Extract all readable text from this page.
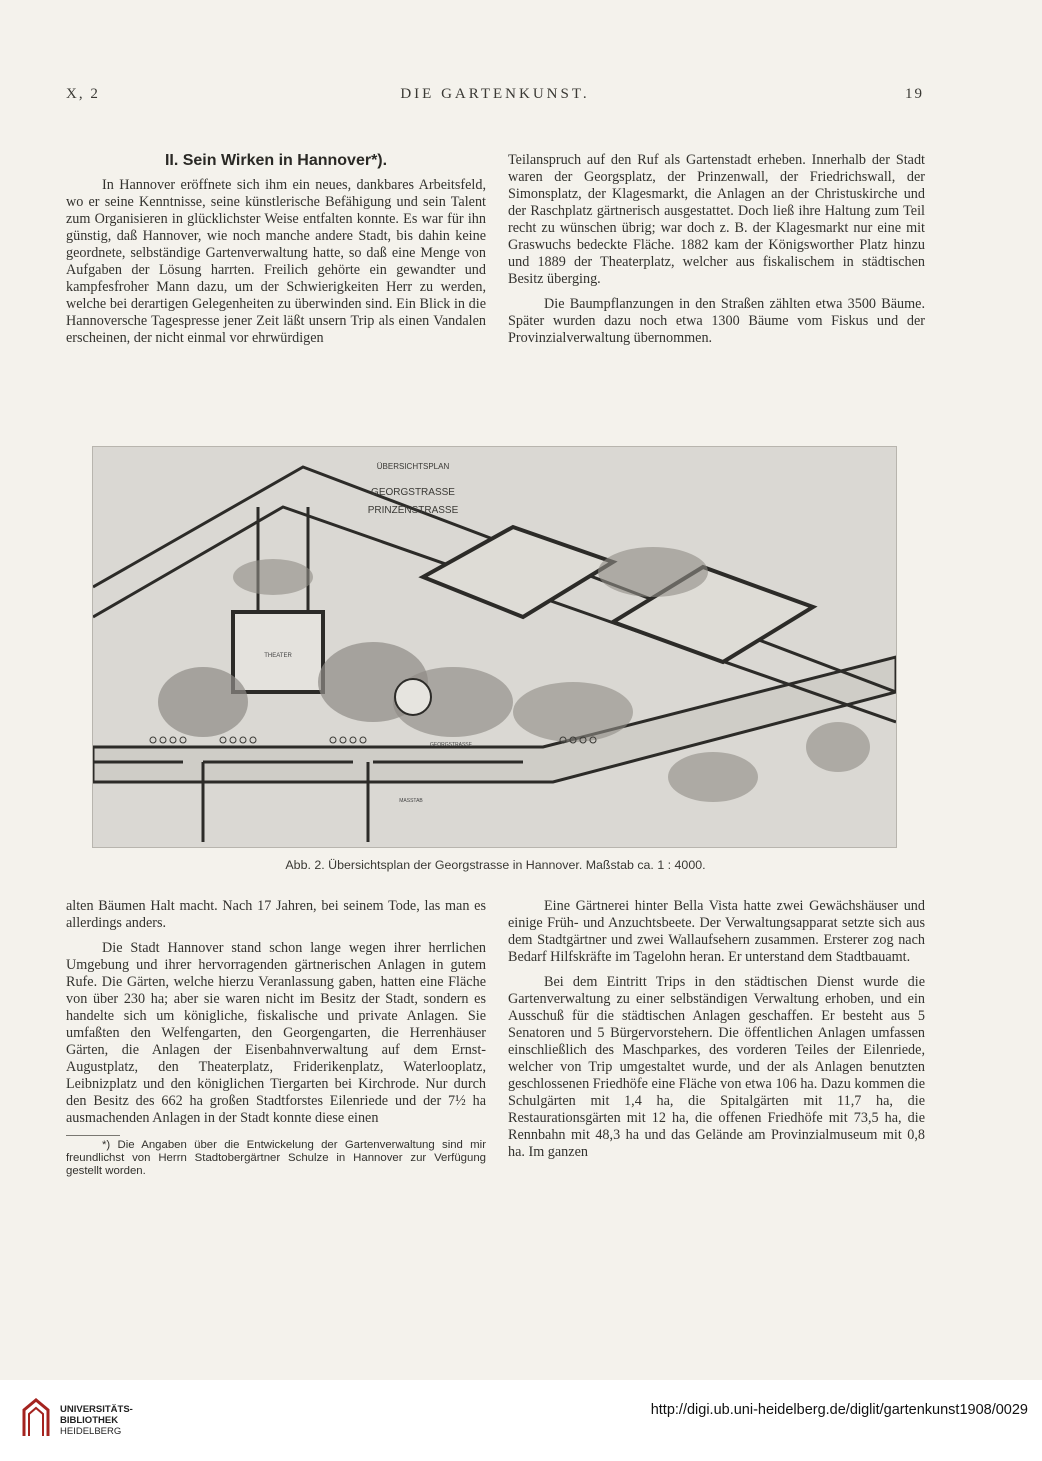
X, 2	DIE GARTENKUNST.	19

II. Sein Wirken in Hannover*).

In Hannover eröffnete sich ihm ein neues, dankbares Arbeitsfeld, wo er seine Kenntnisse, seine künstlerische Befähigung und sein Talent zum Organisieren in glücklichster Weise entfalten konnte. Es war für ihn günstig, daß Hannover, wie noch manche andere Stadt, bis dahin keine geordnete, selbständige Gartenverwaltung hatte, so daß eine Menge von Aufgaben der Lösung harrten. Freilich gehörte ein gewandter und kampfesfroher Mann dazu, um der Schwierigkeiten Herr zu werden, welche bei derartigen Gelegenheiten zu überwinden sind. Ein Blick in die Hannoversche Tagespresse jener Zeit läßt unsern Trip als einen Vandalen erscheinen, der nicht einmal vor ehrwürdigen

Teilanspruch auf den Ruf als Gartenstadt erheben. Innerhalb der Stadt waren der Georgsplatz, der Prinzenwall, der Friedrichswall, der Simonsplatz, der Klagesmarkt, die Anlagen an der Christuskirche und der Raschplatz gärtnerisch ausgestattet. Doch ließ ihre Haltung zum Teil recht zu wünschen übrig; war doch z. B. der Klagesmarkt nur eine mit Graswuchs bedeckte Fläche. 1882 kam der Königsworther Platz hinzu und 1889 der Theaterplatz, welcher aus fiskalischem in städtischen Besitz überging.

Die Baumpflanzungen in den Straßen zählten etwa 3500 Bäume. Später wurden dazu noch etwa 1300 Bäume vom Fiskus und der Provinzialverwaltung übernommen.

THEATER
ÜBERSICHTSPLAN
GEORGSTRASSE
PRINZENSTRASSE
GEORGSTRASSE
MASSTAB
Abb. 2. Übersichtsplan der Georgstrasse in Hannover. Maßstab ca. 1 : 4000.

alten Bäumen Halt macht. Nach 17 Jahren, bei seinem Tode, las man es allerdings anders.

Die Stadt Hannover stand schon lange wegen ihrer herrlichen Umgebung und ihrer hervorragenden gärtnerischen Anlagen in gutem Rufe. Die Gärten, welche hierzu Veranlassung gaben, hatten eine Fläche von über 230 ha; aber sie waren nicht im Besitz der Stadt, sondern es handelte sich um königliche, fiskalische und private Anlagen. Sie umfaßten den Welfengarten, den Georgengarten, die Herrenhäuser Gärten, die Anlagen der Eisenbahnverwaltung auf dem Ernst-Augustplatz, den Theaterplatz, Friderikenplatz, Waterlooplatz, Leibnizplatz und den königlichen Tiergarten bei Kirchrode. Nur durch den Besitz des 662 ha großen Stadtforstes Eilenriede und der 7½ ha ausmachenden Anlagen in der Stadt konnte diese einen

*) Die Angaben über die Entwickelung der Gartenverwaltung sind mir freundlichst von Herrn Stadtobergärtner Schulze in Hannover zur Verfügung gestellt worden.

Eine Gärtnerei hinter Bella Vista hatte zwei Gewächshäuser und einige Früh- und Anzuchtsbeete. Der Verwaltungsapparat setzte sich aus dem Stadtgärtner und zwei Wallaufsehern zusammen. Ersterer zog nach Bedarf Hilfskräfte im Tagelohn heran. Er unterstand dem Stadtbauamt.

Bei dem Eintritt Trips in den städtischen Dienst wurde die Gartenverwaltung zu einer selbständigen Verwaltung erhoben, und ein Ausschuß für die städtischen Anlagen geschaffen. Er besteht aus 5 Senatoren und 5 Bürgervorstehern. Die öffentlichen Anlagen umfassen einschließlich des Maschparkes, des vorderen Teiles der Eilenriede, welcher von Trip umgestaltet wurde, und der als Anlagen benutzten geschlossenen Friedhöfe eine Fläche von etwa 106 ha. Dazu kommen die Schulgärten mit 1,4 ha, die Spitalgärten mit 11,7 ha, die Restaurationsgärten mit 12 ha, die offenen Friedhöfe mit 73,5 ha, die Rennbahn mit 48,3 ha und das Gelände am Provinzialmuseum mit 0,8 ha. Im ganzen

UNIVERSITÄTS-
BIBLIOTHEK
HEIDELBERG
http://digi.ub.uni-heidelberg.de/diglit/gartenkunst1908/0029
